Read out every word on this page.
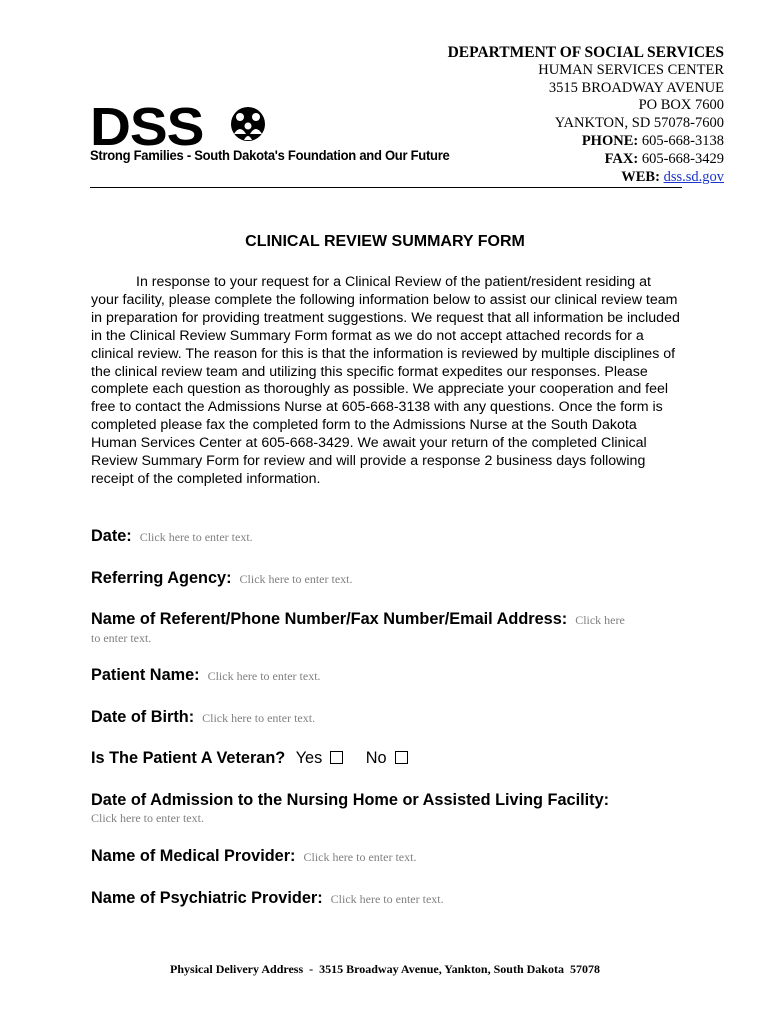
DEPARTMENT OF SOCIAL SERVICES
HUMAN SERVICES CENTER
3515 BROADWAY AVENUE
PO BOX 7600
YANKTON, SD 57078-7600
PHONE: 605-668-3138
FAX: 605-668-3429
WEB: dss.sd.gov
DSS
Strong Families - South Dakota's Foundation and Our Future
CLINICAL REVIEW SUMMARY FORM

In response to your request for a Clinical Review of the patient/resident residing at your facility, please complete the following information below to assist our clinical review team in preparation for providing treatment suggestions. We request that all information be included in the Clinical Review Summary Form format as we do not accept attached records for a clinical review. The reason for this is that the information is reviewed by multiple disciplines of the clinical review team and utilizing this specific format expedites our responses. Please complete each question as thoroughly as possible. We appreciate your cooperation and feel free to contact the Admissions Nurse at 605-668-3138 with any questions. Once the form is completed please fax the completed form to the Admissions Nurse at the South Dakota Human Services Center at 605-668-3429. We await your return of the completed Clinical Review Summary Form for review and will provide a response 2 business days following receipt of the completed information.

Date: Click here to enter text.
Referring Agency: Click here to enter text.
Name of Referent/Phone Number/Fax Number/Email Address: Click here
to enter text.
Patient Name: Click here to enter text.
Date of Birth: Click here to enter text.
Is The Patient A Veteran? Yes	No
Date of Admission to the Nursing Home or Assisted Living Facility:
Click here to enter text.
Name of Medical Provider: Click here to enter text.
Name of Psychiatric Provider: Click here to enter text.
Physical Delivery Address  -  3515 Broadway Avenue, Yankton, South Dakota  57078
